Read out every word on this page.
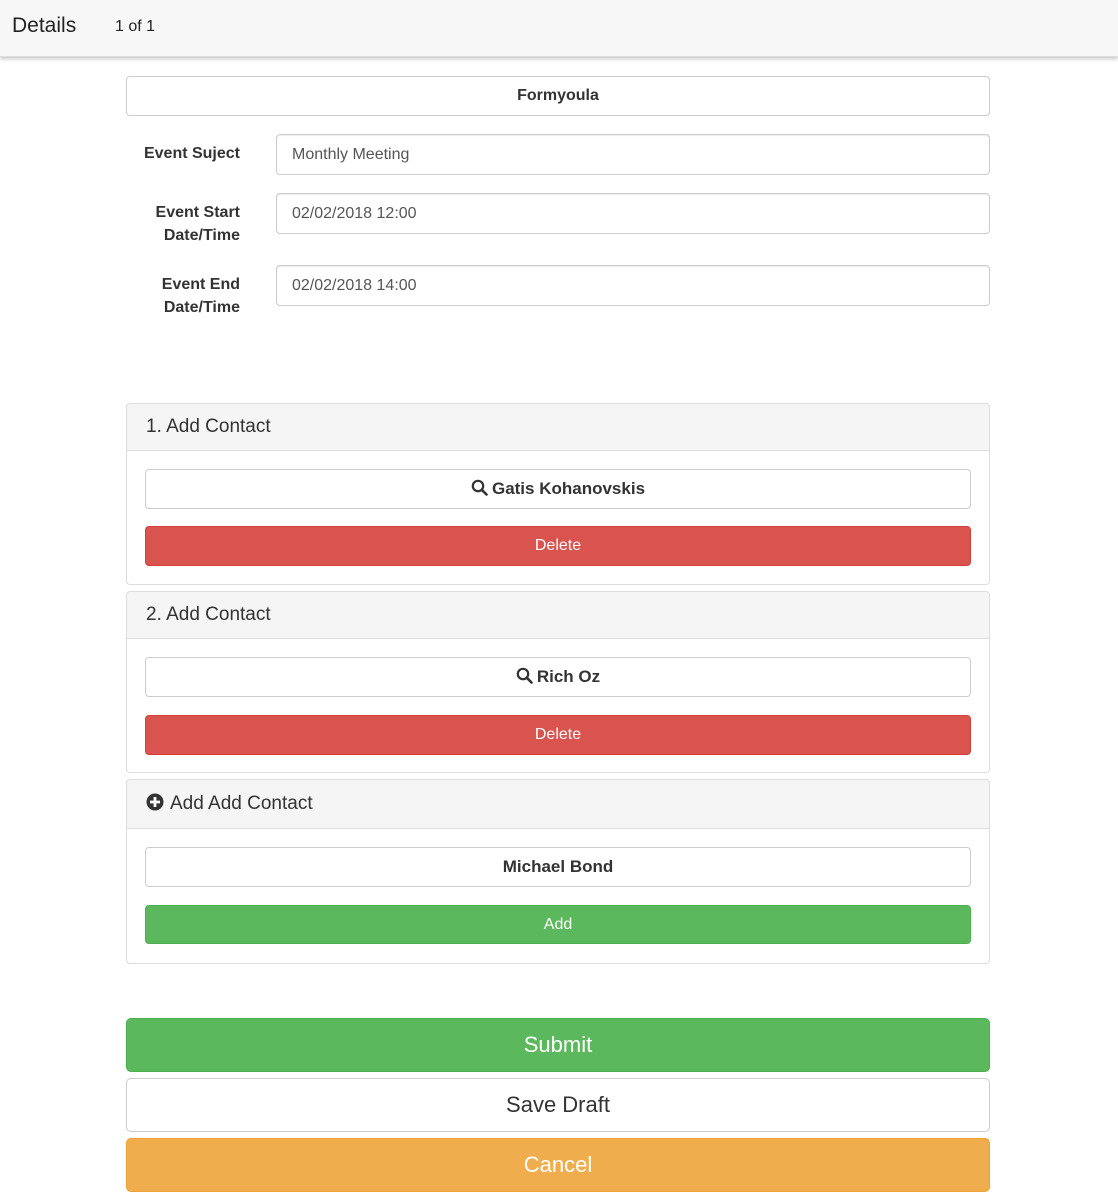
Details 1 of 1
Formyoula
Event Suject
Monthly Meeting
Event Start
Date/Time
02/02/2018 12:00
Event End
Date/Time
02/02/2018 14:00
1. Add Contact
Gatis Kohanovskis
Delete
2. Add Contact
Rich Oz
Delete
Add Add Contact
Michael Bond
Add
Submit
Save Draft
Cancel
